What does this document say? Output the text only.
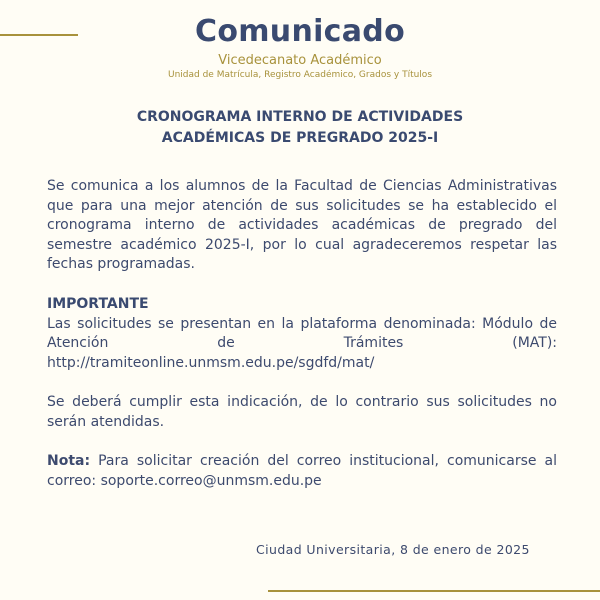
Comunicado
Vicedecanato Académico
Unidad de Matrícula, Registro Académico, Grados y Títulos
CRONOGRAMA INTERNO DE ACTIVIDADES
ACADÉMICAS DE PREGRADO 2025-I
Se comunica a los alumnos de la Facultad de Ciencias Administrativas que para una mejor atención de sus solicitudes se ha establecido el cronograma interno de actividades académicas de pregrado del semestre académico 2025-I, por lo cual agradeceremos respetar las fechas programadas.
IMPORTANTE
Las solicitudes se presentan en la plataforma denominada: Módulo de Atención de Trámites (MAT):
http://tramiteonline.unmsm.edu.pe/sgdfd/mat/
Se deberá cumplir esta indicación, de lo contrario sus solicitudes no serán atendidas.
Nota: Para solicitar creación del correo institucional, comunicarse al correo: soporte.correo@unmsm.edu.pe
Ciudad Universitaria, 8 de enero de 2025
